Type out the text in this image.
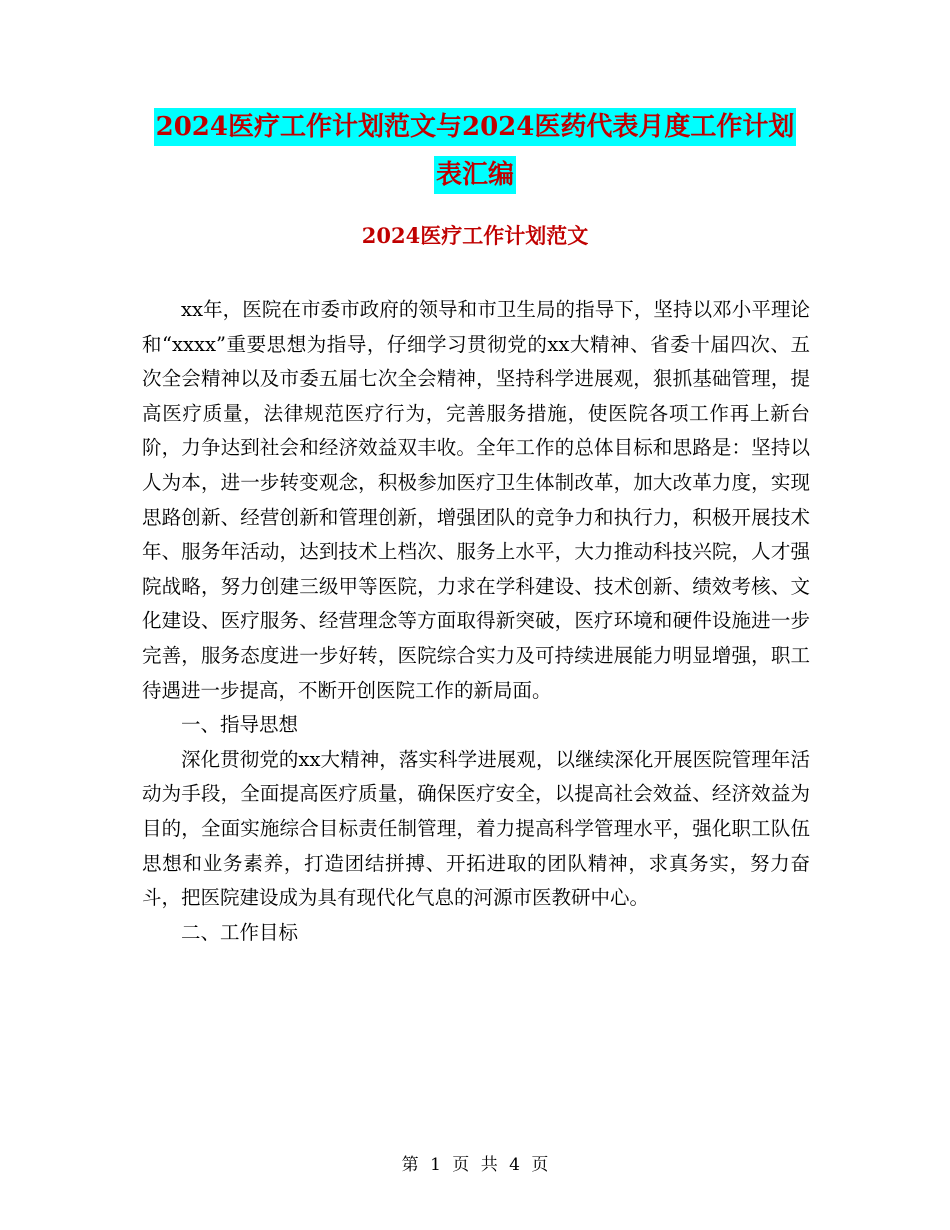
2024医疗工作计划范文与2024医药代表月度工作计划
表汇编
2024医疗工作计划范文

xx年，医院在市委市政府的领导和市卫生局的指导下，坚持以邓小平理论和“xxxx”重要思想为指导，仔细学习贯彻党的xx大精神、省委十届四次、五次全会精神以及市委五届七次全会精神，坚持科学进展观，狠抓基础管理，提高医疗质量，法律规范医疗行为，完善服务措施，使医院各项工作再上新台阶，力争达到社会和经济效益双丰收。全年工作的总体目标和思路是：坚持以人为本，进一步转变观念，积极参加医疗卫生体制改革，加大改革力度，实现思路创新、经营创新和管理创新，增强团队的竞争力和执行力，积极开展技术年、服务年活动，达到技术上档次、服务上水平，大力推动科技兴院，人才强院战略，努力创建三级甲等医院，力求在学科建设、技术创新、绩效考核、文化建设、医疗服务、经营理念等方面取得新突破，医疗环境和硬件设施进一步完善，服务态度进一步好转，医院综合实力及可持续进展能力明显增强，职工待遇进一步提高，不断开创医院工作的新局面。

一、指导思想

深化贯彻党的xx大精神，落实科学进展观，以继续深化开展医院管理年活动为手段，全面提高医疗质量，确保医疗安全，以提高社会效益、经济效益为目的，全面实施综合目标责任制管理，着力提高科学管理水平，强化职工队伍思想和业务素养，打造团结拼搏、开拓进取的团队精神，求真务实，努力奋斗，把医院建设成为具有现代化气息的河源市医教研中心。

二、工作目标

第 1 页 共 4 页
